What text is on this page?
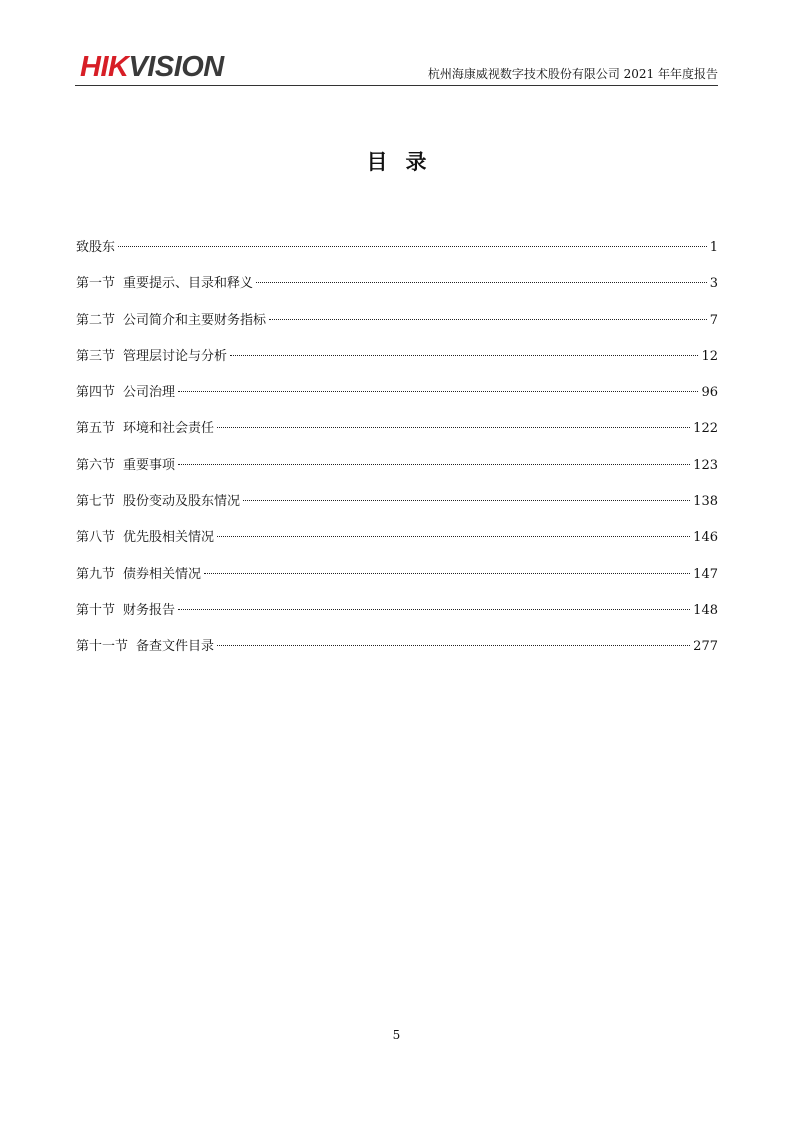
HIKVISION	杭州海康威视数字技术股份有限公司 2021 年年度报告
目录
致股东	1
第一节 重要提示、目录和释义	3
第二节 公司简介和主要财务指标	7
第三节 管理层讨论与分析	12
第四节 公司治理	96
第五节 环境和社会责任	122
第六节 重要事项	123
第七节 股份变动及股东情况	138
第八节 优先股相关情况	146
第九节 债券相关情况	147
第十节 财务报告	148
第十一节 备查文件目录	277
5
